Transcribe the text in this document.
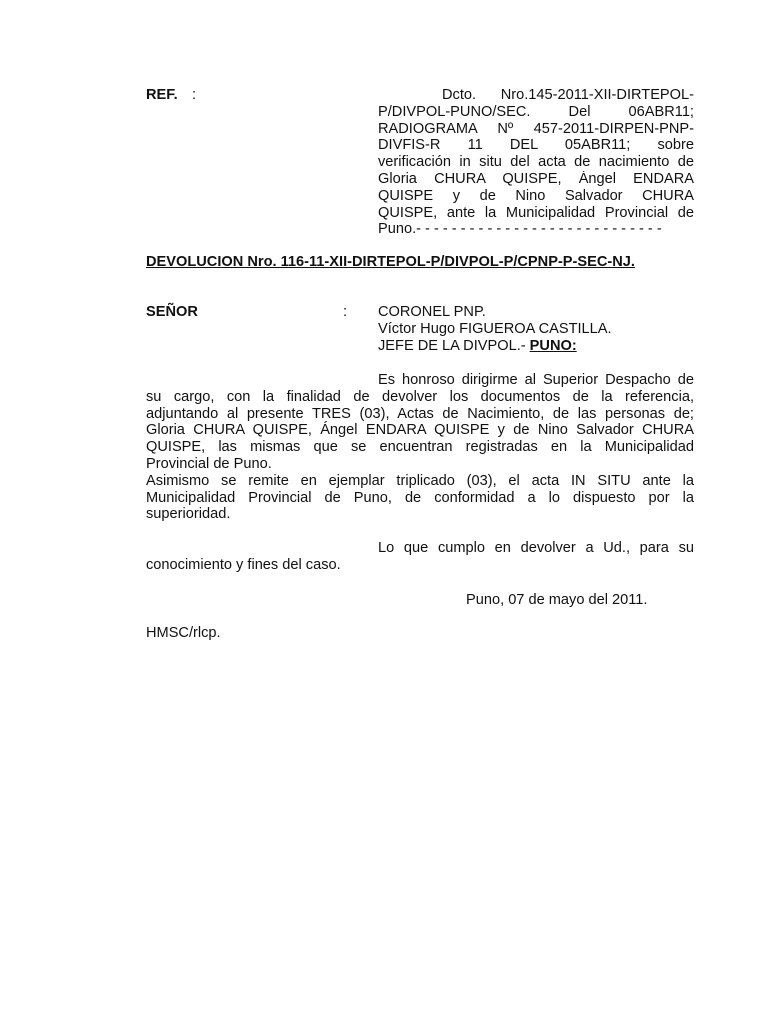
REF. :	Dcto. Nro.145-2011-XII-DIRTEPOL-
P/DIVPOL-PUNO/SEC. Del 06ABR11;
RADIOGRAMA Nº 457-2011-DIRPEN-PNP-
DIVFIS-R 11 DEL 05ABR11; sobre
verificación in situ del acta de nacimiento de
Gloria CHURA QUISPE, Ángel ENDARA
QUISPE y de Nino Salvador CHURA
QUISPE, ante la Municipalidad Provincial de
Puno.- - - - - - - - - - - - - - - - - - - - - - - - - - - -
DEVOLUCION Nro. 116-11-XII-DIRTEPOL-P/DIVPOL-P/CPNP-P-SEC-NJ.
SEÑOR	: CORONEL PNP.
Víctor Hugo FIGUEROA CASTILLA.
JEFE DE LA DIVPOL.- PUNO:
Es honroso dirigirme al Superior Despacho de
su cargo, con la finalidad de devolver los documentos de la referencia,
adjuntando al presente TRES (03), Actas de Nacimiento, de las personas de;
Gloria CHURA QUISPE, Ángel ENDARA QUISPE y de Nino Salvador CHURA
QUISPE, las mismas que se encuentran registradas en la Municipalidad
Provincial de Puno.
Asimismo se remite en ejemplar triplicado (03), el acta IN SITU ante la
Municipalidad Provincial de Puno, de conformidad a lo dispuesto por la
superioridad.
Lo que cumplo en devolver a Ud., para su
conocimiento y fines del caso.
Puno, 07 de mayo del 2011.
HMSC/rlcp.
